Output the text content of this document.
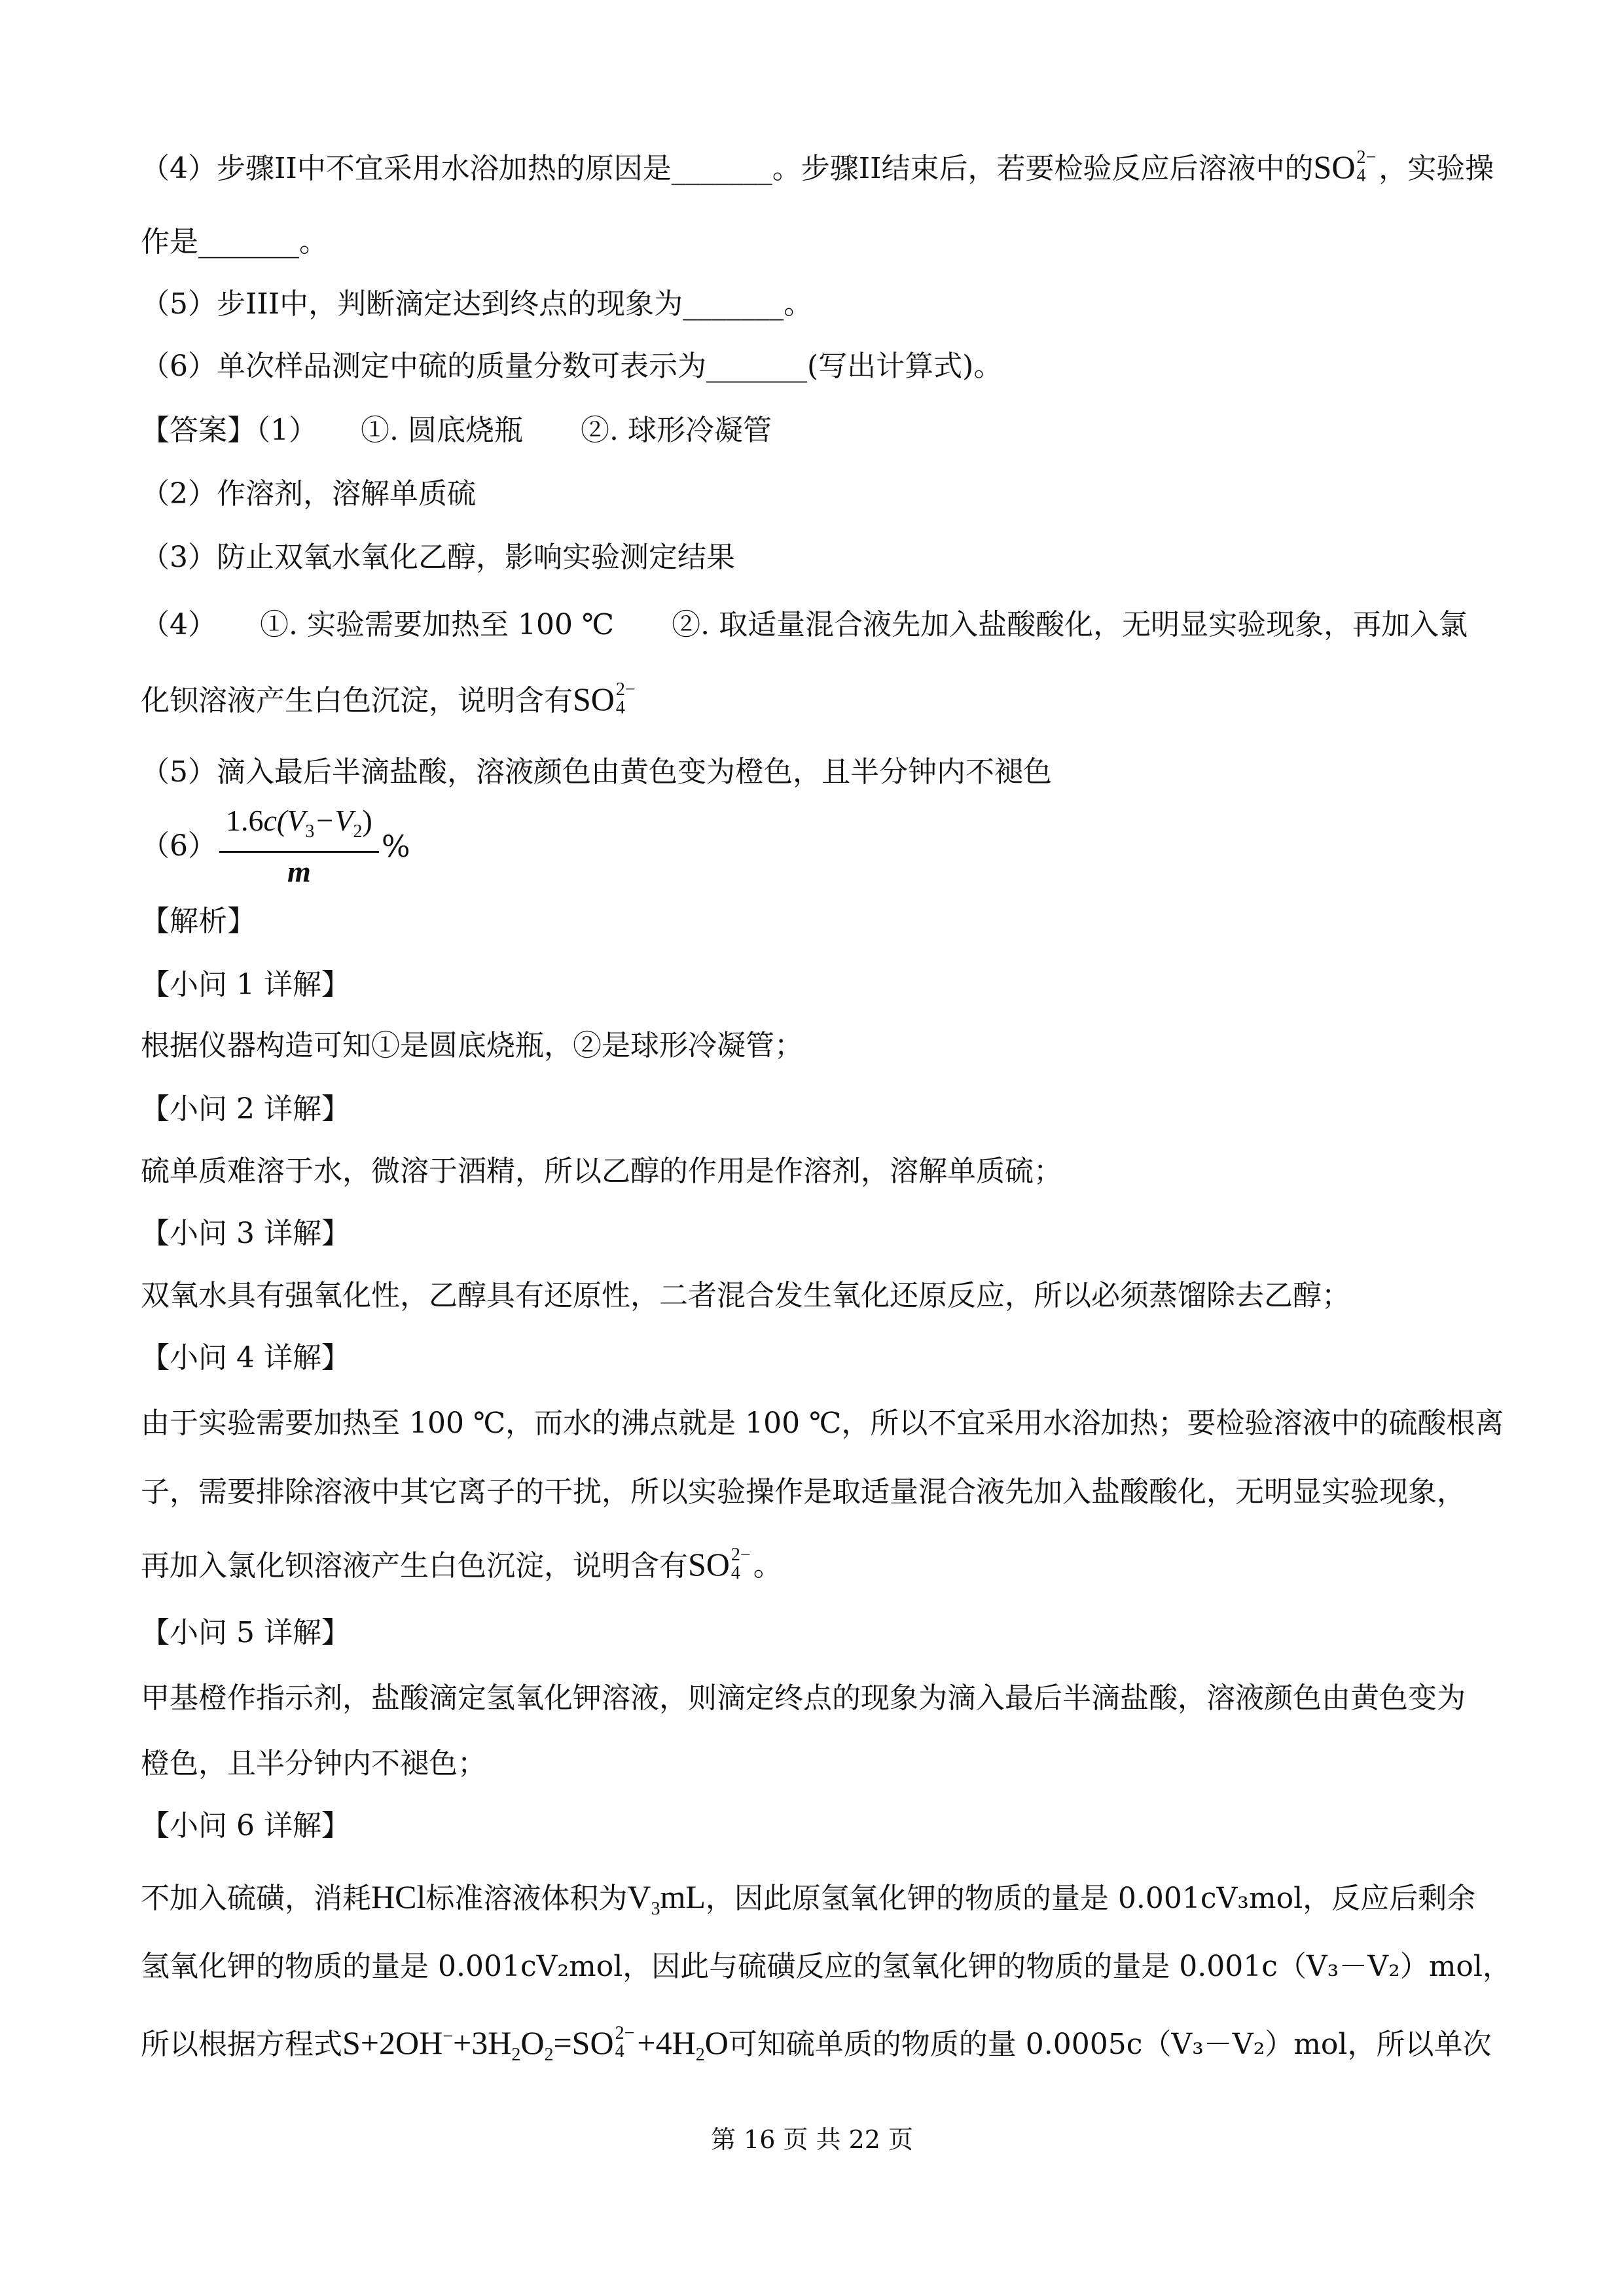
（4）步骤II中不宜采用水浴加热的原因是_______。步骤II结束后，若要检验反应后溶液中的SO 2−
4 ，实验操
作是_______。
（5）步III中，判断滴定达到终点的现象为_______。
（6）单次样品测定中硫的质量分数可表示为_______(写出计算式)。
【答案】（1）　　①. 圆底烧瓶　　②. 球形冷凝管
（2）作溶剂，溶解单质硫
（3）防止双氧水氧化乙醇，影响实验测定结果
（4）　　①. 实验需要加热至 100 ℃　　②. 取适量混合液先加入盐酸酸化，无明显实验现象，再加入氯
化钡溶液产生白色沉淀，说明含有SO 2−
4
（5）滴入最后半滴盐酸，溶液颜色由黄色变为橙色，且半分钟内不褪色
$(6) \frac{1.6c(V_3-V_2)}{m}$ %
【解析】
【小问 1 详解】
根据仪器构造可知①是圆底烧瓶，②是球形冷凝管；
【小问 2 详解】
硫单质难溶于水，微溶于酒精，所以乙醇的作用是作溶剂，溶解单质硫；
【小问 3 详解】
双氧水具有强氧化性，乙醇具有还原性，二者混合发生氧化还原反应，所以必须蒸馏除去乙醇；
【小问 4 详解】
由于实验需要加热至 100 ℃，而水的沸点就是 100 ℃，所以不宜采用水浴加热；要检验溶液中的硫酸根离
子，需要排除溶液中其它离子的干扰，所以实验操作是取适量混合液先加入盐酸酸化，无明显实验现象，
再加入氯化钡溶液产生白色沉淀，说明含有SO 2−
4 。
【小问 5 详解】
甲基橙作指示剂，盐酸滴定氢氧化钾溶液，则滴定终点的现象为滴入最后半滴盐酸，溶液颜色由黄色变为
橙色，且半分钟内不褪色；
【小问 6 详解】
不加入硫磺，消耗HCl标准溶液体积为$V_3mL$，因此原氢氧化钾的物质的量是 0.001cV₃mol，反应后剩余
氢氧化钾的物质的量是 0.001cV₂mol，因此与硫磺反应的氢氧化钾的物质的量是 0.001c（V₃－V₂）mol，
所以根据方程式$S+2OH^-+3H_2O_2=SO$ 2−
$4 +4H_2O$可知硫单质的物质的量 0.0005c（V₃－V₂）mol，所以单次
第 16 页 共 22 页
